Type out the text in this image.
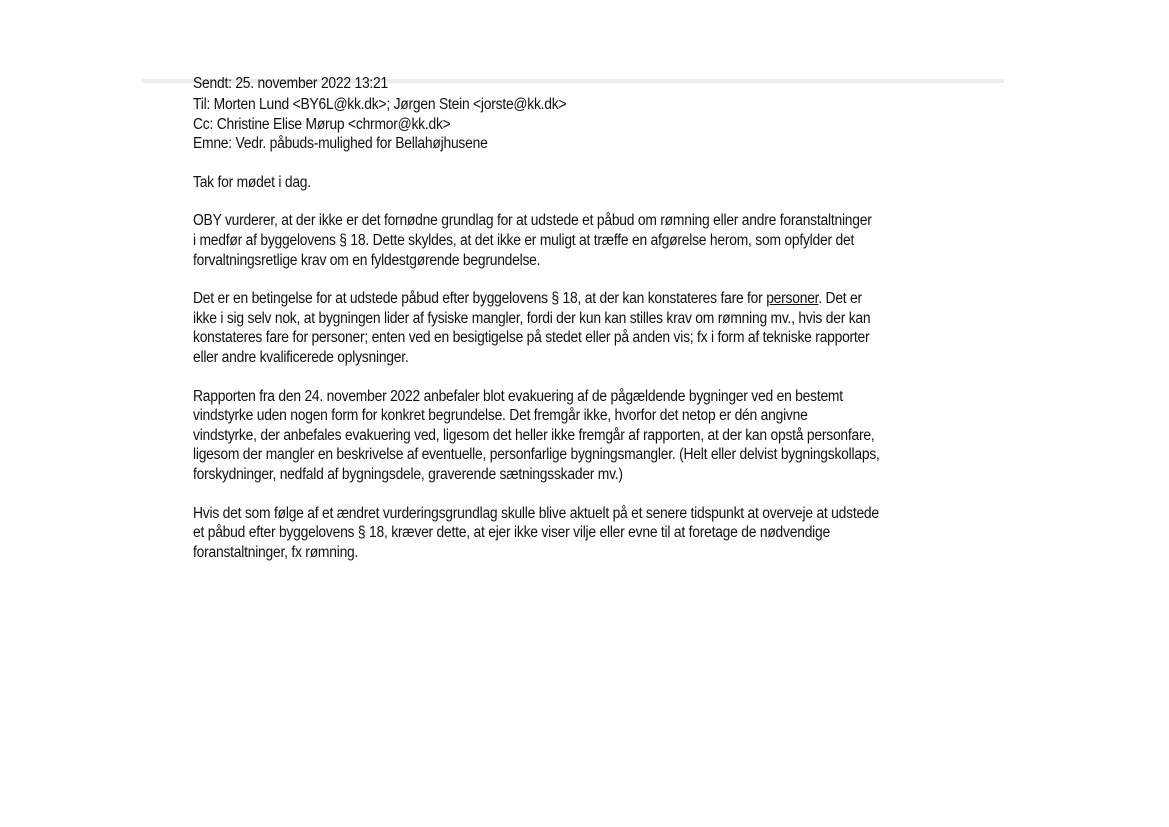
Sendt: 25. november 2022 13:21
Til: Morten Lund <BY6L@kk.dk>; Jørgen Stein <jorste@kk.dk>
Cc: Christine Elise Mørup <chrmor@kk.dk>
Emne: Vedr. påbuds-mulighed for Bellahøjhusene

Tak for mødet i dag.

OBY vurderer, at der ikke er det fornødne grundlag for at udstede et påbud om rømning eller andre foranstaltninger
i medfør af byggelovens § 18. Dette skyldes, at det ikke er muligt at træffe en afgørelse herom, som opfylder det
forvaltningsretlige krav om en fyldestgørende begrundelse.

Det er en betingelse for at udstede påbud efter byggelovens § 18, at der kan konstateres fare for personer. Det er
ikke i sig selv nok, at bygningen lider af fysiske mangler, fordi der kun kan stilles krav om rømning mv., hvis der kan
konstateres fare for personer; enten ved en besigtigelse på stedet eller på anden vis; fx i form af tekniske rapporter
eller andre kvalificerede oplysninger.

Rapporten fra den 24. november 2022 anbefaler blot evakuering af de pågældende bygninger ved en bestemt
vindstyrke uden nogen form for konkret begrundelse. Det fremgår ikke, hvorfor det netop er dén angivne
vindstyrke, der anbefales evakuering ved, ligesom det heller ikke fremgår af rapporten, at der kan opstå personfare,
ligesom der mangler en beskrivelse af eventuelle, personfarlige bygningsmangler. (Helt eller delvist bygningskollaps,
forskydninger, nedfald af bygningsdele, graverende sætningsskader mv.)

Hvis det som følge af et ændret vurderingsgrundlag skulle blive aktuelt på et senere tidspunkt at overveje at udstede
et påbud efter byggelovens § 18, kræver dette, at ejer ikke viser vilje eller evne til at foretage de nødvendige
foranstaltninger, fx rømning.
